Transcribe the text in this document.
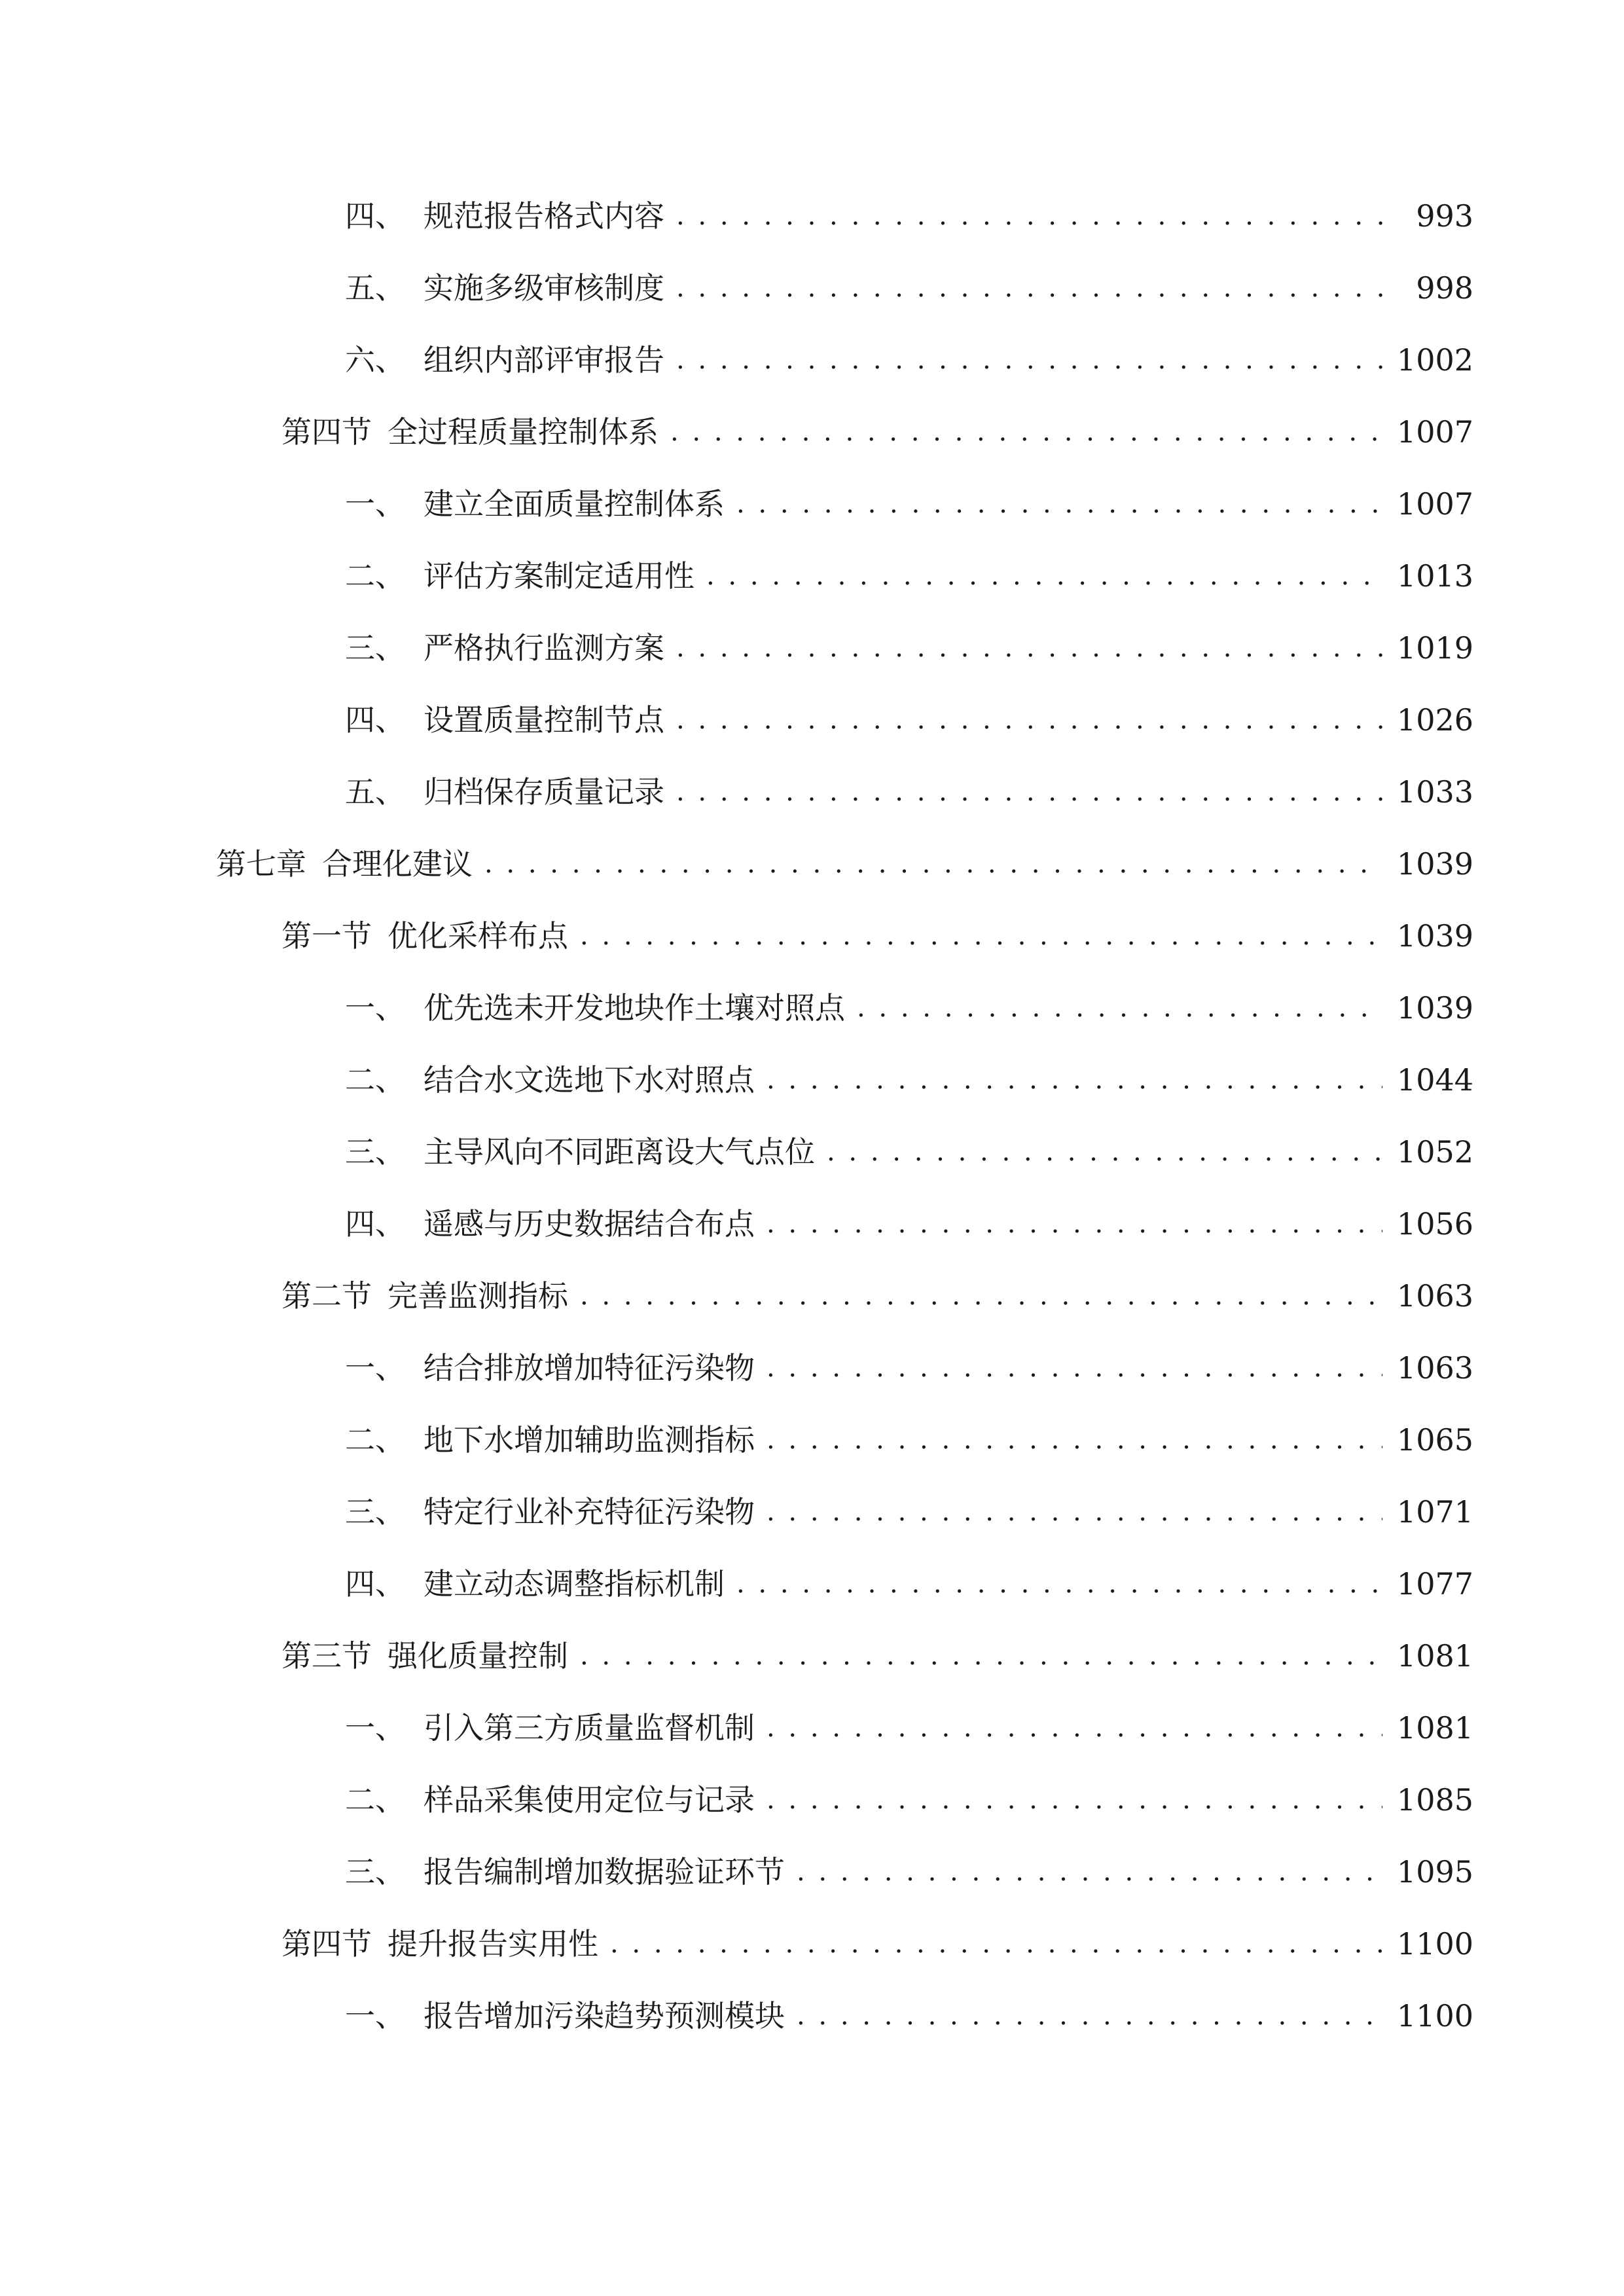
四、 规范报告格式内容 . . .	993
五、 实施多级审核制度 . . .	998
六、 组织内部评审报告 . . .	1002
第四节 全过程质量控制体系 . . .	1007
一、 建立全面质量控制体系 . . .	1007
二、 评估方案制定适用性 . . .	1013
三、 严格执行监测方案 . . .	1019
四、 设置质量控制节点 . . .	1026
五、 归档保存质量记录 . . .	1033
第七章 合理化建议 . . .	1039
第一节 优化采样布点 . . .	1039
一、 优先选未开发地块作土壤对照点 . . .	1039
二、 结合水文选地下水对照点 . . .	1044
三、 主导风向不同距离设大气点位 . . .	1052
四、 遥感与历史数据结合布点 . . .	1056
第二节 完善监测指标 . . .	1063
一、 结合排放增加特征污染物 . . .	1063
二、 地下水增加辅助监测指标 . . .	1065
三、 特定行业补充特征污染物 . . .	1071
四、 建立动态调整指标机制 . . .	1077
第三节 强化质量控制 . . .	1081
一、 引入第三方质量监督机制 . . .	1081
二、 样品采集使用定位与记录 . . .	1085
三、 报告编制增加数据验证环节 . . .	1095
第四节 提升报告实用性 . . .	1100
一、 报告增加污染趋势预测模块 . . .	1100
